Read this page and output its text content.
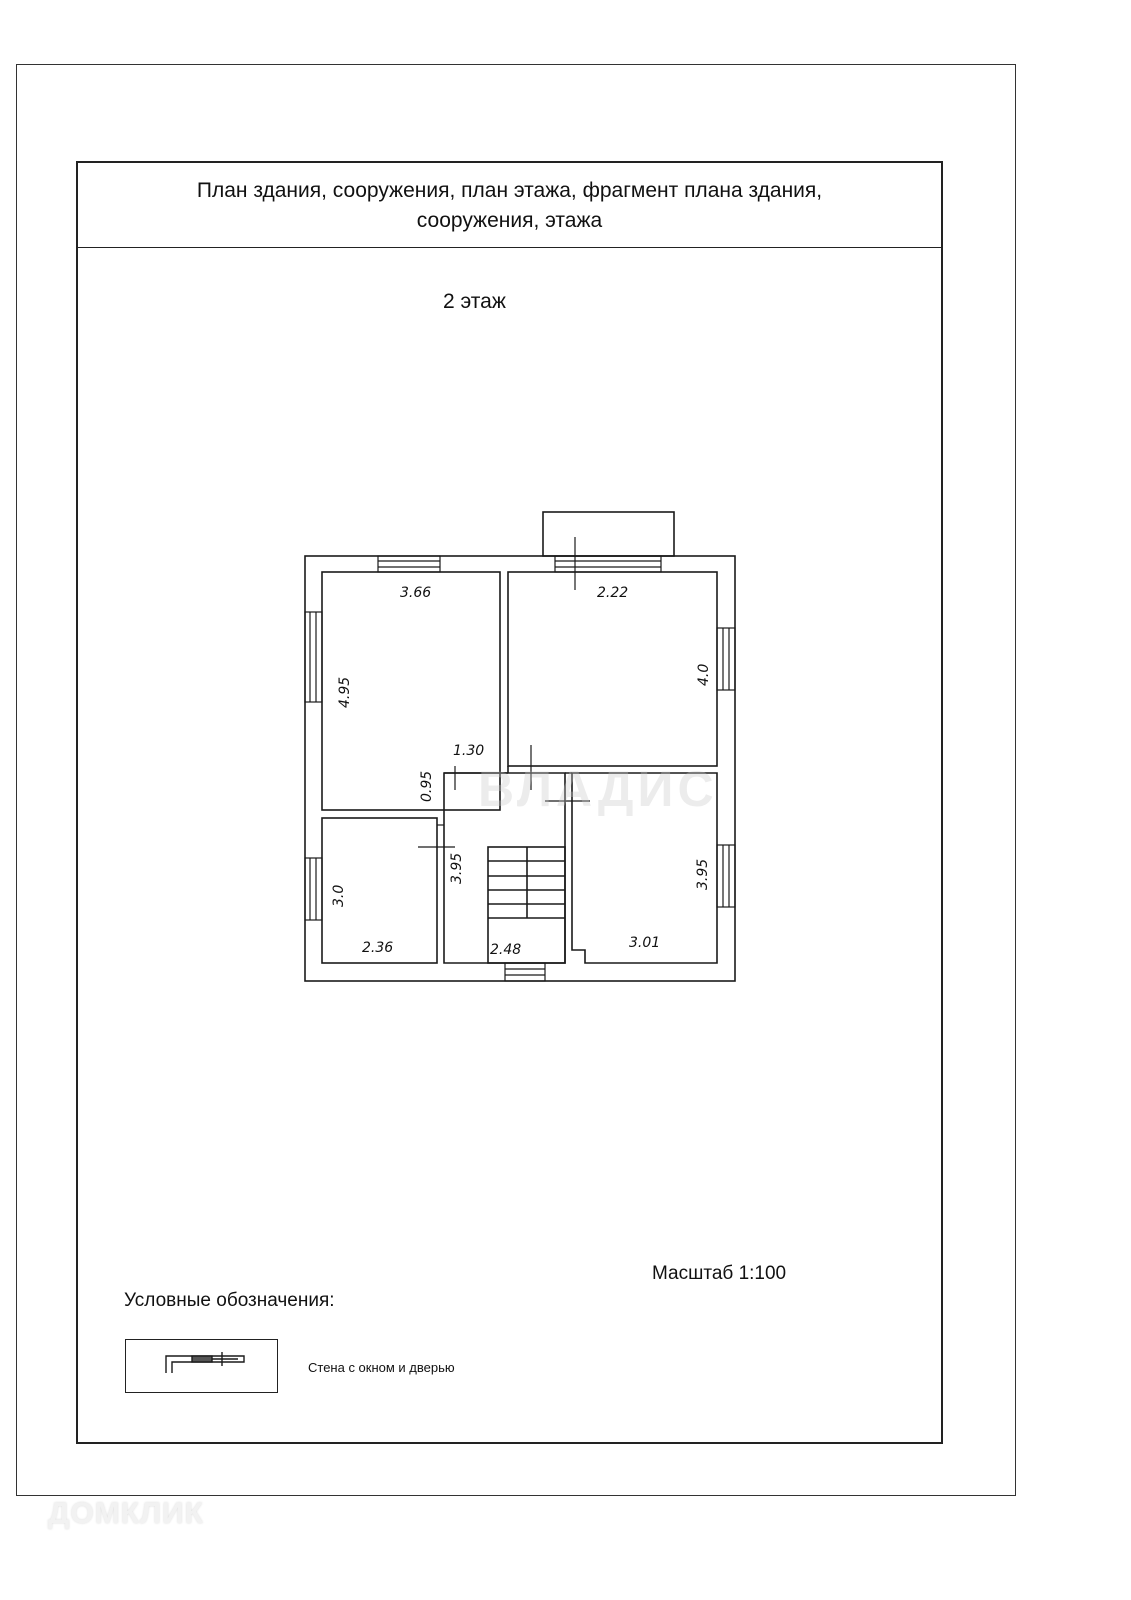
План здания, сооружения, план этажа, фрагмент плана здания,
сооружения, этажа
2 этаж
3.66
4.95
2.22
4.0
1.30
0.95
3.95
2.48
3.0
2.36
3.95
3.01
ВЛАДИС
Масштаб 1:100
Условные обозначения:
Стена с окном и дверью
ДОМКЛИК
